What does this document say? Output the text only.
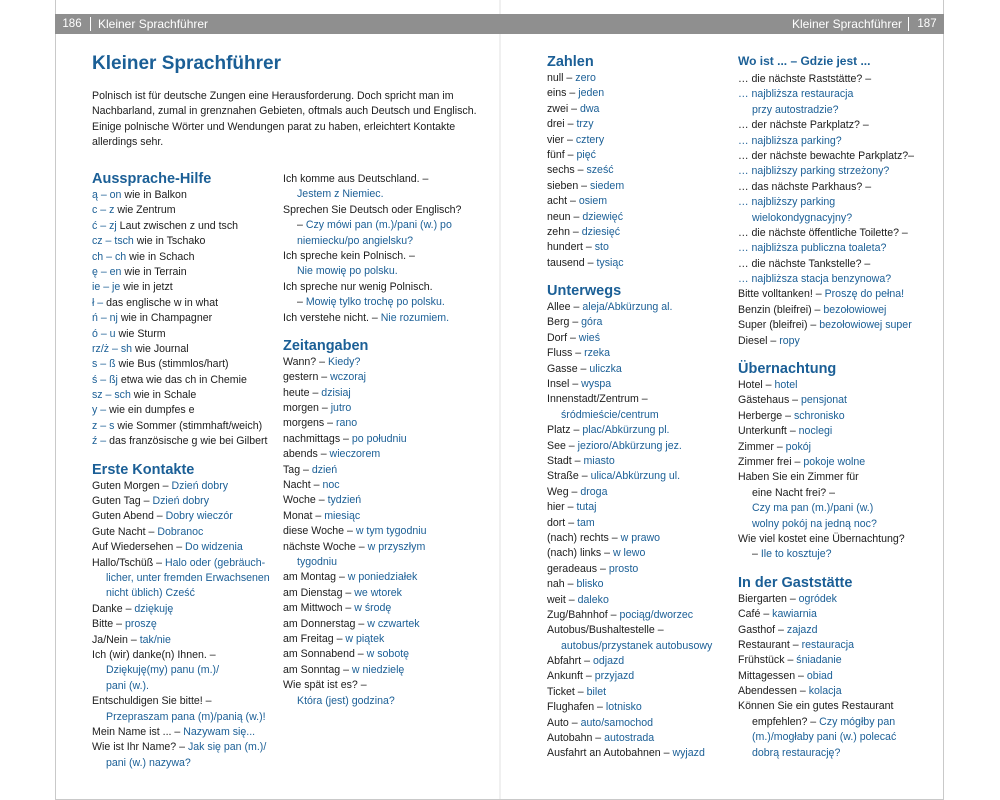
186	Kleiner Sprachführer	Kleiner Sprachführer	187
Kleiner Sprachführer
Polnisch ist für deutsche Zungen eine Herausforderung. Doch spricht man im
Nachbarland, zumal in grenznahen Gebieten, oftmals auch Deutsch und Englisch.
Einige polnische Wörter und Wendungen parat zu haben, erleichtert Kontakte
allerdings sehr.
Aussprache-Hilfe
ą – on wie in Balkon
c – z wie Zentrum
ć – zj Laut zwischen z und tsch
cz – tsch wie in Tschako
ch – ch wie in Schach
ę – en wie in Terrain
ie – je wie in jetzt
ł – das englische w in what
ń – nj wie in Champagner
ó – u wie Sturm
rz/ż – sh wie Journal
s – ß wie Bus (stimmlos/hart)
ś – ßj etwa wie das ch in Chemie
sz – sch wie in Schale
y – wie ein dumpfes e
z – s wie Sommer (stimmhaft/weich)
ź – das französische g wie bei Gilbert
Erste Kontakte
Guten Morgen – Dzień dobry
Guten Tag – Dzień dobry
Guten Abend – Dobry wieczór
Gute Nacht – Dobranoc
Auf Wiedersehen – Do widzenia
Hallo/Tschüß – Halo oder (gebräuch-
licher, unter fremden Erwachsenen
nicht üblich) Cześć
Danke – dziękuję
Bitte – proszę
Ja/Nein – tak/nie
Ich (wir) danke(n) Ihnen. –
Dziękuję(my) panu (m.)/
pani (w.).
Entschuldigen Sie bitte! –
Przepraszam pana (m)/panią (w.)!
Mein Name ist ... – Nazywam się...
Wie ist Ihr Name? – Jak się pan (m.)/
pani (w.) nazywa?
Ich komme aus Deutschland. –
Jestem z Niemiec.
Sprechen Sie Deutsch oder Englisch?
– Czy mówi pan (m.)/pani (w.) po
niemiecku/po angielsku?
Ich spreche kein Polnisch. –
Nie mowię po polsku.
Ich spreche nur wenig Polnisch.
– Mowię tylko trochę po polsku.
Ich verstehe nicht. – Nie rozumiem.
Zeitangaben
Wann? – Kiedy?
gestern – wczoraj
heute – dzisiaj
morgen – jutro
morgens – rano
nachmittags – po południu
abends – wieczorem
Tag – dzień
Nacht – noc
Woche – tydzień
Monat – miesiąc
diese Woche – w tym tygodniu
nächste Woche – w przyszłym
tygodniu
am Montag – w poniedziałek
am Dienstag – we wtorek
am Mittwoch – w środę
am Donnerstag – w czwartek
am Freitag – w piątek
am Sonnabend – w sobotę
am Sonntag – w niedzielę
Wie spät ist es? –
Która (jest) godzina?
Zahlen
null – zero
eins – jeden
zwei – dwa
drei – trzy
vier – cztery
fünf – pięć
sechs – sześć
sieben – siedem
acht – osiem
neun – dziewięć
zehn – dziesięć
hundert – sto
tausend – tysiąc
Unterwegs
Allee – aleja/Abkürzung al.
Berg – góra
Dorf – wieś
Fluss – rzeka
Gasse – uliczka
Insel – wyspa
Innenstadt/Zentrum –
śródmieście/centrum
Platz – plac/Abkürzung pl.
See – jezioro/Abkürzung jez.
Stadt – miasto
Straße – ulica/Abkürzung ul.
Weg – droga
hier – tutaj
dort – tam
(nach) rechts – w prawo
(nach) links – w lewo
geradeaus – prosto
nah – blisko
weit – daleko
Zug/Bahnhof – pociąg/dworzec
Autobus/Bushaltestelle –
autobus/przystanek autobusowy
Abfahrt – odjazd
Ankunft – przyjazd
Ticket – bilet
Flughafen – lotnisko
Auto – auto/samochod
Autobahn – autostrada
Ausfahrt an Autobahnen – wyjazd
Wo ist ... – Gdzie jest ...
… die nächste Raststätte? –
… najbliższa restauracja
przy autostradzie?
… der nächste Parkplatz? –
… najbliższa parking?
… der nächste bewachte Parkplatz?–
… najbliższy parking strzeżony?
… das nächste Parkhaus? –
… najbliższy parking
wielokondygnacyjny?
… die nächste öffentliche Toilette? –
… najbliższa publiczna toaleta?
… die nächste Tankstelle? –
… najbliższa stacja benzynowa?
Bitte volltanken! – Proszę do pełna!
Benzin (bleifrei) – bezołowiowej
Super (bleifrei) – bezołowiowej super
Diesel – ropy
Übernachtung
Hotel – hotel
Gästehaus – pensjonat
Herberge – schronisko
Unterkunft – noclegi
Zimmer – pokój
Zimmer frei – pokoje wolne
Haben Sie ein Zimmer für
eine Nacht frei? –
Czy ma pan (m.)/pani (w.)
wolny pokój na jedną noc?
Wie viel kostet eine Übernachtung?
– Ile to kosztuje?
In der Gaststätte
Biergarten – ogródek
Café – kawiarnia
Gasthof – zajazd
Restaurant – restauracja
Frühstück – śniadanie
Mittagessen – obiad
Abendessen – kolacja
Können Sie ein gutes Restaurant
empfehlen? – Czy mógłby pan
(m.)/mogłaby pani (w.) polecać
dobrą restaurację?
